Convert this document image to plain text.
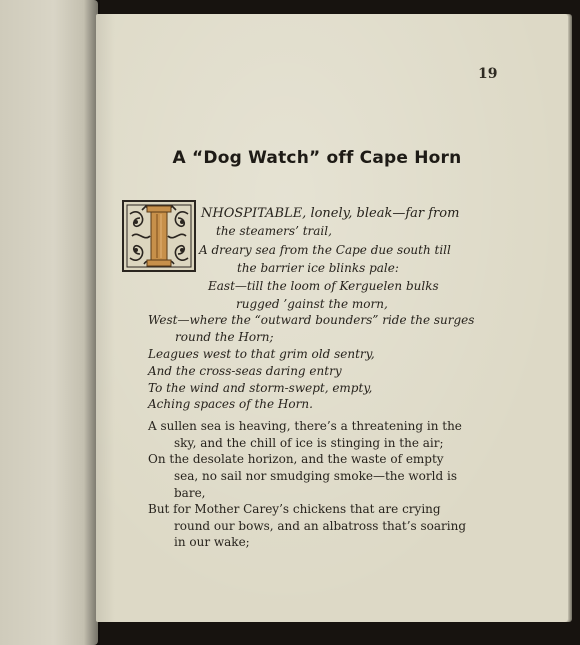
19
A “Dog Watch” off Cape Horn
NHOSPITABLE, lonely, bleak—far from
the steamers’ trail,
A dreary sea from the Cape due south till
the barrier ice blinks pale:
East—till the loom of Kerguelen bulks
rugged ’gainst the morn,
West—where the “outward bounders” ride the surges
round the Horn;
Leagues west to that grim old sentry,
And the cross-seas daring entry
To the wind and storm-swept, empty,
Aching spaces of the Horn.
A sullen sea is heaving, there’s a threatening in the
sky, and the chill of ice is stinging in the air;
On the desolate horizon, and the waste of empty
sea, no sail nor smudging smoke—the world is
bare,
But for Mother Carey’s chickens that are crying
round our bows, and an albatross that’s soaring
in our wake;
